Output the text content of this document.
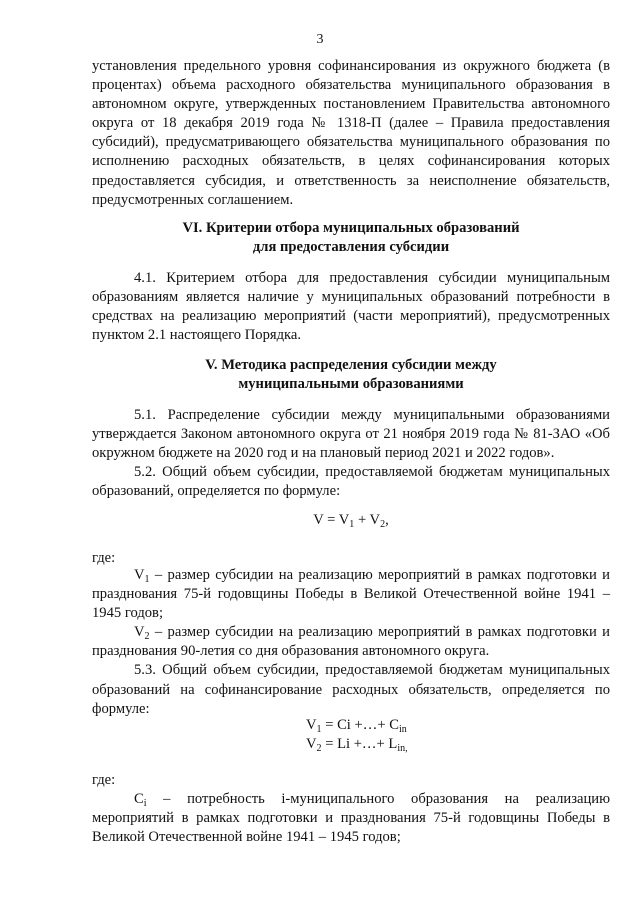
3

установления предельного уровня софинансирования из окружного бюджета (в процентах) объема расходного обязательства муниципального образования в автономном округе, утвержденных постановлением Правительства автономного округа от 18 декабря 2019 года № 1318-П (далее – Правила предоставления субсидий), предусматривающего обязательства муниципального образования по исполнению расходных обязательств, в целях софинансирования которых предоставляется субсидия, и ответственность за неисполнение обязательств, предусмотренных соглашением.

VI. Критерии отбора муниципальных образований

для предоставления субсидии

4.1. Критерием отбора для предоставления субсидии муниципальным образованиям является наличие у муниципальных образований потребности в средствах на реализацию мероприятий (части мероприятий), предусмотренных пунктом 2.1 настоящего Порядка.

V. Методика распределения субсидии между

муниципальными образованиями

5.1. Распределение субсидии между муниципальными образованиями утверждается Законом автономного округа от 21 ноября 2019 года № 81-ЗАО «Об окружном бюджете на 2020 год и на плановый период 2021 и 2022 годов».

5.2. Общий объем субсидии, предоставляемой бюджетам муниципальных образований, определяется по формуле:

$V = V_1 + V_2$,

где:

$V_1$ – размер субсидии на реализацию мероприятий в рамках подготовки и празднования 75-й годовщины Победы в Великой Отечественной войне 1941 – 1945 годов;

$V_2$ – размер субсидии на реализацию мероприятий в рамках подготовки и празднования 90-летия со дня образования автономного округа.

5.3. Общий объем субсидии, предоставляемой бюджетам муниципальных образований на софинансирование расходных обязательств, определяется по формуле:

$V_1 = Ci$ +…+ $C_{in}$

$V_2 = Li$ +…+ $L_{in,}$

где:

$C_i$ – потребность i-муниципального образования на реализацию мероприятий в рамках подготовки и празднования 75-й годовщины Победы в Великой Отечественной войне 1941 – 1945 годов;
